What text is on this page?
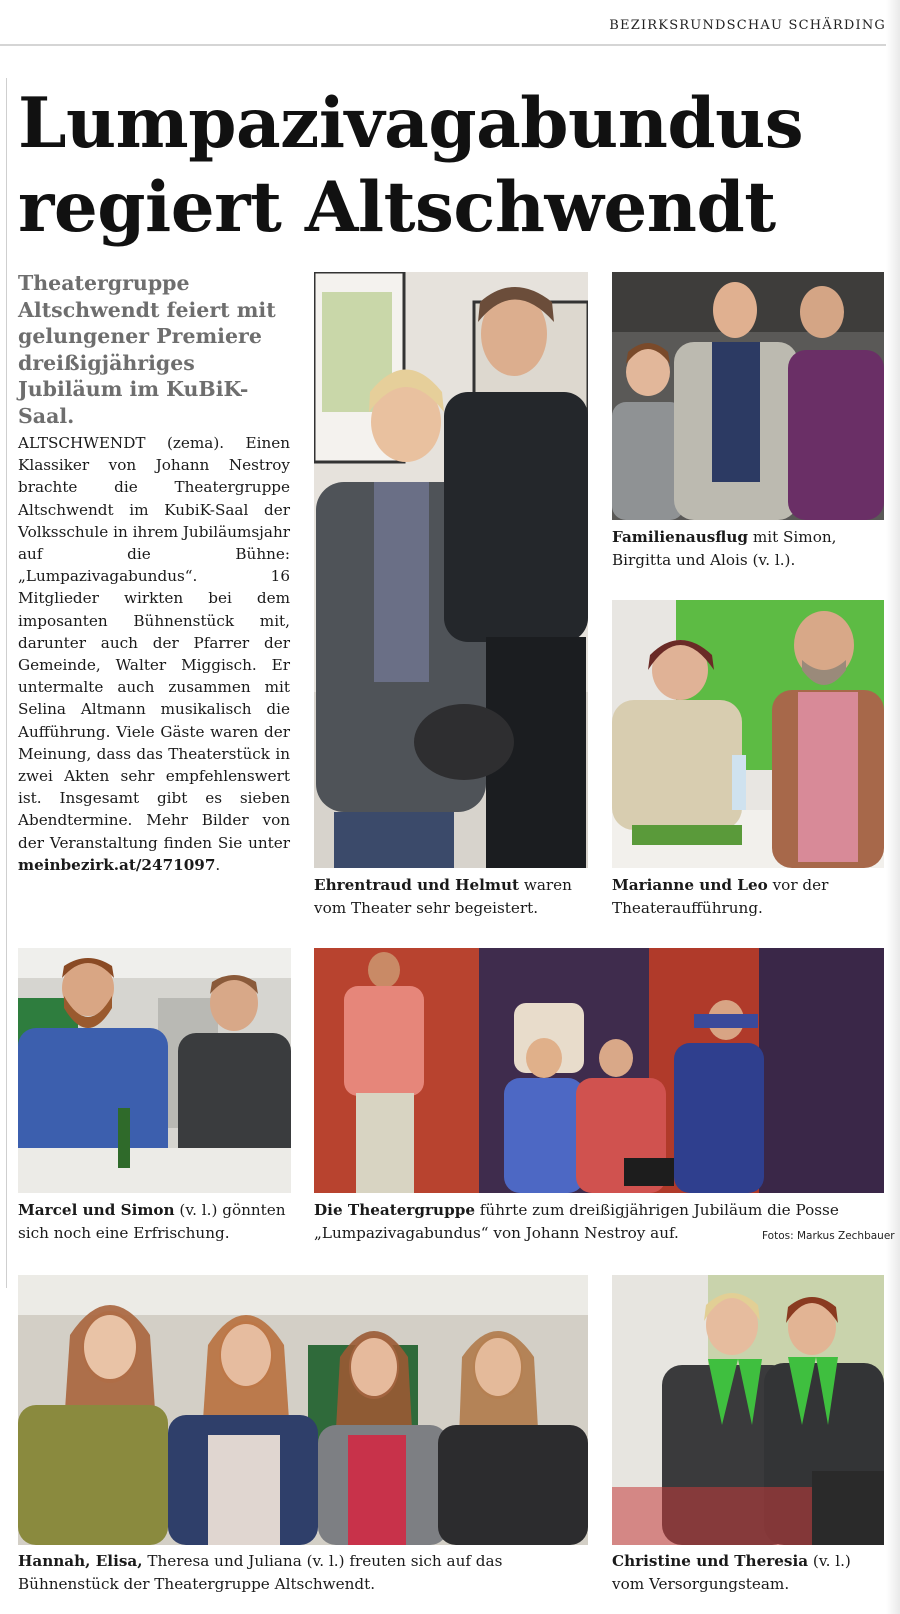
BEZIRKSRUNDSCHAU SCHÄRDING
Lumpazivagabundus
regiert Altschwendt

Theatergruppe Altschwendt feiert mit gelungener Premiere dreißigjähriges Jubiläum im KuBiK-Saal.

ALTSCHWENDT (zema). Einen Klassiker von Johann Nestroy brachte die Theatergruppe Altschwendt im KubiK-Saal der Volksschule in ihrem Jubiläumsjahr auf die Bühne: „Lumpazivagabundus“. 16 Mitglieder wirkten bei dem imposanten Bühnenstück mit, darunter auch der Pfarrer der Gemeinde, Walter Miggisch. Er untermalte auch zusammen mit Selina Altmann musikalisch die Aufführung. Viele Gäste waren der Meinung, dass das Theaterstück in zwei Akten sehr empfehlenswert ist. Insgesamt gibt es sieben Abendtermine. Mehr Bilder von der Veranstaltung finden Sie unter meinbezirk.at/2471097.

Ehrentraud und Helmut waren vom Theater sehr begeistert.

Familienausflug mit Simon, Birgitta und Alois (v. l.).

Marianne und Leo vor der Theateraufführung.

Marcel und Simon (v. l.) gönnten sich noch eine Erfrischung.

Die Theatergruppe führte zum dreißigjährigen Jubiläum die Posse „Lumpazivagabundus“ von Johann Nestroy auf.	Fotos: Markus Zechbauer

Hannah, Elisa, Theresa und Juliana (v. l.) freuten sich auf das Bühnenstück der Theatergruppe Altschwendt.

Christine und Theresia (v. l.) vom Versorgungsteam.
